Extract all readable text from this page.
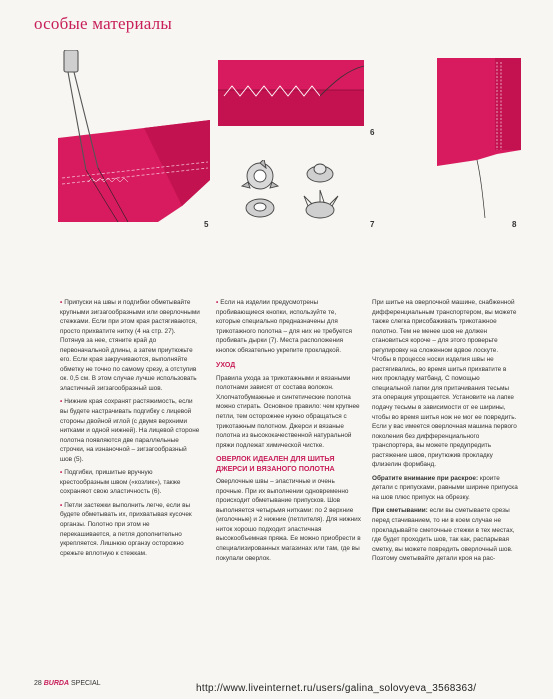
особые материалы
5
6
7	8

• Припуски на швы и подгибки обметывайте крупными зигзагообразными или оверлочными стежками. Если при этом края растягиваются, просто прихватите нитку (4 на стр. 27). Потянув за нее, стяните край до первоначальной длины, а затем приутюжьте его. Если края закручиваются, выполняйте обметку не точно по самому срезу, а отступив ок. 0,5 см. В этом случае лучше использовать эластичный зигзагообразный шов.

• Нижние края сохранят растяжимость, если вы будете настрачивать подгибку с лицевой стороны двойной иглой (с двумя верхними нитками и одной нижней). На лицевой стороне полотна появляются две параллельные строчки, на изнаночной – зигзагообразный шов (5).

• Подгибки, пришитые вручную крестообразным швом («козлик»), также сохраняют свою эластичность (6).

• Петли застежки выполнить легче, если вы будете обметывать их, прихватывая кусочек органзы. Полотно при этом не перекашивается, а петля дополнительно укрепляется. Лишнюю органзу осторожно срежьте вплотную к стежкам.

• Если на изделии предусмотрены пробивающиеся кнопки, используйте те, которые специально предназначены для трикотажного полотна – для них не требуется пробивать дырки (7). Места расположения кнопок обязательно укрепите прокладкой.

УХОД

Правила ухода за трикотажными и вязаными полотнами зависят от состава волокон. Хлопчатобумажные и синтетические полотна можно стирать. Основное правило: чем крупнее петли, тем осторожнее нужно обращаться с трикотажным полотном. Джерси и вязаные полотна из высококачественной натуральной пряжи подлежат химической чистке.

ОВЕРЛОК ИДЕАЛЕН ДЛЯ ШИТЬЯ ДЖЕРСИ И ВЯЗАНОГО ПОЛОТНА

Оверлочные швы – эластичные и очень прочные. При их выполнении одновременно происходит обметывание припусков. Шов выполняется четырьмя нитками: по 2 верхние (иголочные) и 2 нижние (петлителя). Для нижних ниток хорошо подходит эластичная высокообъемная пряжа. Ее можно приобрести в специализированных магазинах или там, где вы покупали оверлок.

При шитье на оверлочной машине, снабженной дифференциальным транспортером, вы можете также слегка присобаживать трикотажное полотно. Тем не менее шов не должен становиться короче – для этого проверьте регулировку на сложенном вдвое лоскуте. Чтобы в процессе носки изделия швы не растягивались, во время шитья прихватите в них прокладку матбанд. С помощью специальной лапки для притачивания тесьмы эта операция упрощается. Установите на лапке подачу тесьмы в зависимости от ее ширины, чтобы во время шитья нож не мог ее повредить. Если у вас имеется оверлочная машина первого поколения без дифференциального транспортера, вы можете предупредить растяжение швов, приутюжив прокладку флизелин формбанд.

Обратите внимание при раскрое: кроите детали с припусками, равными ширине припуска на шов плюс припуск на обрезку.

При сметывании: если вы сметываете срезы перед стачиванием, то ни в коем случае не прокладывайте сметочные стежки в тех местах, где будет проходить шов, так как, распарывая сметку, вы можете повредить оверлочный шов. Поэтому сметывайте детали кроя на рас-

28 BURDA SPECIAL	http://www.liveinternet.ru/users/galina_solovyeva_3568363/
